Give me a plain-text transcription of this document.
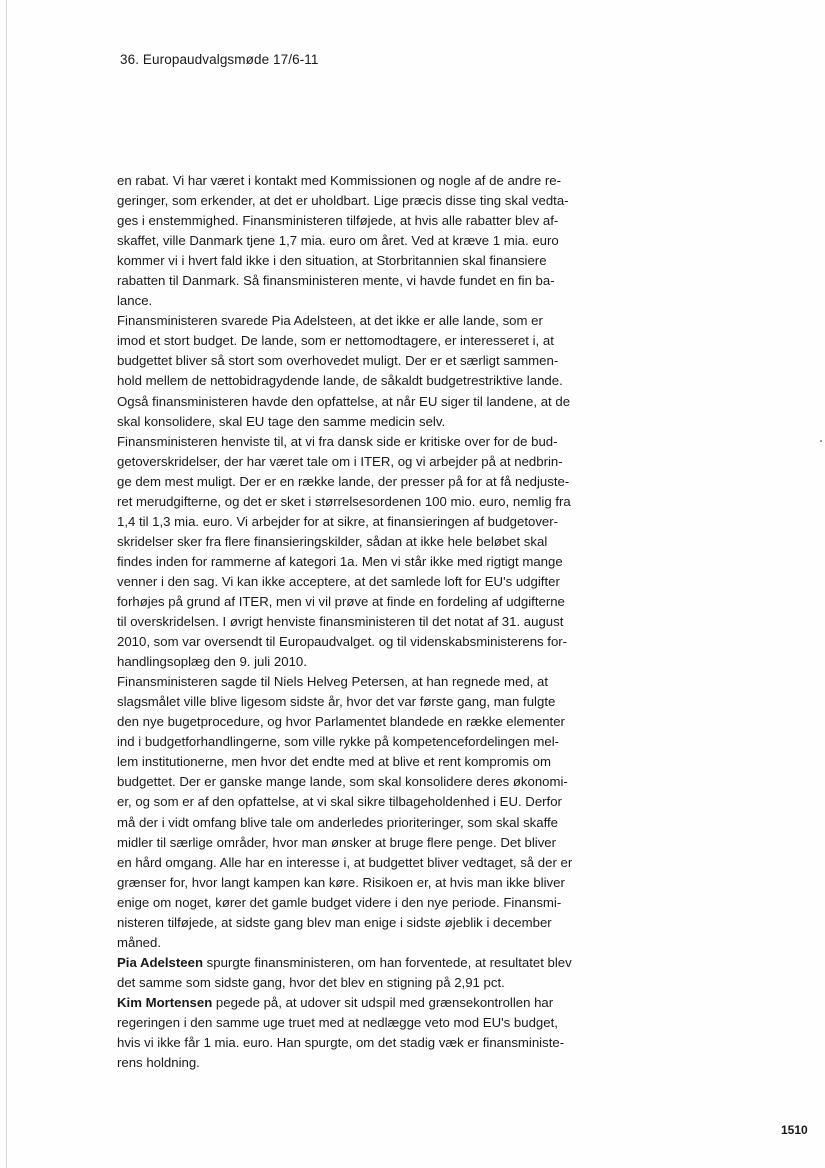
36. Europaudvalgsmøde 17/6-11
en rabat. Vi har været i kontakt med Kommissionen og nogle af de andre re-
geringer, som erkender, at det er uholdbart. Lige præcis disse ting skal vedta-
ges i enstemmighed. Finansministeren tilføjede, at hvis alle rabatter blev af-
skaffet, ville Danmark tjene 1,7 mia. euro om året. Ved at kræve 1 mia. euro
kommer vi i hvert fald ikke i den situation, at Storbritannien skal finansiere
rabatten til Danmark. Så finansministeren mente, vi havde fundet en fin ba-
lance.
Finansministeren svarede Pia Adelsteen, at det ikke er alle lande, som er
imod et stort budget. De lande, som er nettomodtagere, er interesseret i, at
budgettet bliver så stort som overhovedet muligt. Der er et særligt sammen-
hold mellem de nettobidragydende lande, de såkaldt budgetrestriktive lande.
Også finansministeren havde den opfattelse, at når EU siger til landene, at de
skal konsolidere, skal EU tage den samme medicin selv.
Finansministeren henviste til, at vi fra dansk side er kritiske over for de bud-
getoverskridelser, der har været tale om i ITER, og vi arbejder på at nedbrin-
ge dem mest muligt. Der er en række lande, der presser på for at få nedjuste-
ret merudgifterne, og det er sket i størrelsesordenen 100 mio. euro, nemlig fra
1,4 til 1,3 mia. euro. Vi arbejder for at sikre, at finansieringen af budgetover-
skridelser sker fra flere finansieringskilder, sådan at ikke hele beløbet skal
findes inden for rammerne af kategori 1a. Men vi står ikke med rigtigt mange
venner i den sag. Vi kan ikke acceptere, at det samlede loft for EU's udgifter
forhøjes på grund af ITER, men vi vil prøve at finde en fordeling af udgifterne
til overskridelsen. I øvrigt henviste finansministeren til det notat af 31. august
2010, som var oversendt til Europaudvalget. og til videnskabsministerens for-
handlingsoplæg den 9. juli 2010.
Finansministeren sagde til Niels Helveg Petersen, at han regnede med, at
slagsmålet ville blive ligesom sidste år, hvor det var første gang, man fulgte
den nye bugetprocedure, og hvor Parlamentet blandede en række elementer
ind i budgetforhandlingerne, som ville rykke på kompetencefordelingen mel-
lem institutionerne, men hvor det endte med at blive et rent kompromis om
budgettet. Der er ganske mange lande, som skal konsolidere deres økonomi-
er, og som er af den opfattelse, at vi skal sikre tilbageholdenhed i EU. Derfor
må der i vidt omfang blive tale om anderledes prioriteringer, som skal skaffe
midler til særlige områder, hvor man ønsker at bruge flere penge. Det bliver
en hård omgang. Alle har en interesse i, at budgettet bliver vedtaget, så der er
grænser for, hvor langt kampen kan køre. Risikoen er, at hvis man ikke bliver
enige om noget, kører det gamle budget videre i den nye periode. Finansmi-
nisteren tilføjede, at sidste gang blev man enige i sidste øjeblik i december
måned.
Pia Adelsteen spurgte finansministeren, om han forventede, at resultatet blev
det samme som sidste gang, hvor det blev en stigning på 2,91 pct.
Kim Mortensen pegede på, at udover sit udspil med grænsekontrollen har
regeringen i den samme uge truet med at nedlægge veto mod EU's budget,
hvis vi ikke får 1 mia. euro. Han spurgte, om det stadig væk er finansministe-
rens holdning.
1510
